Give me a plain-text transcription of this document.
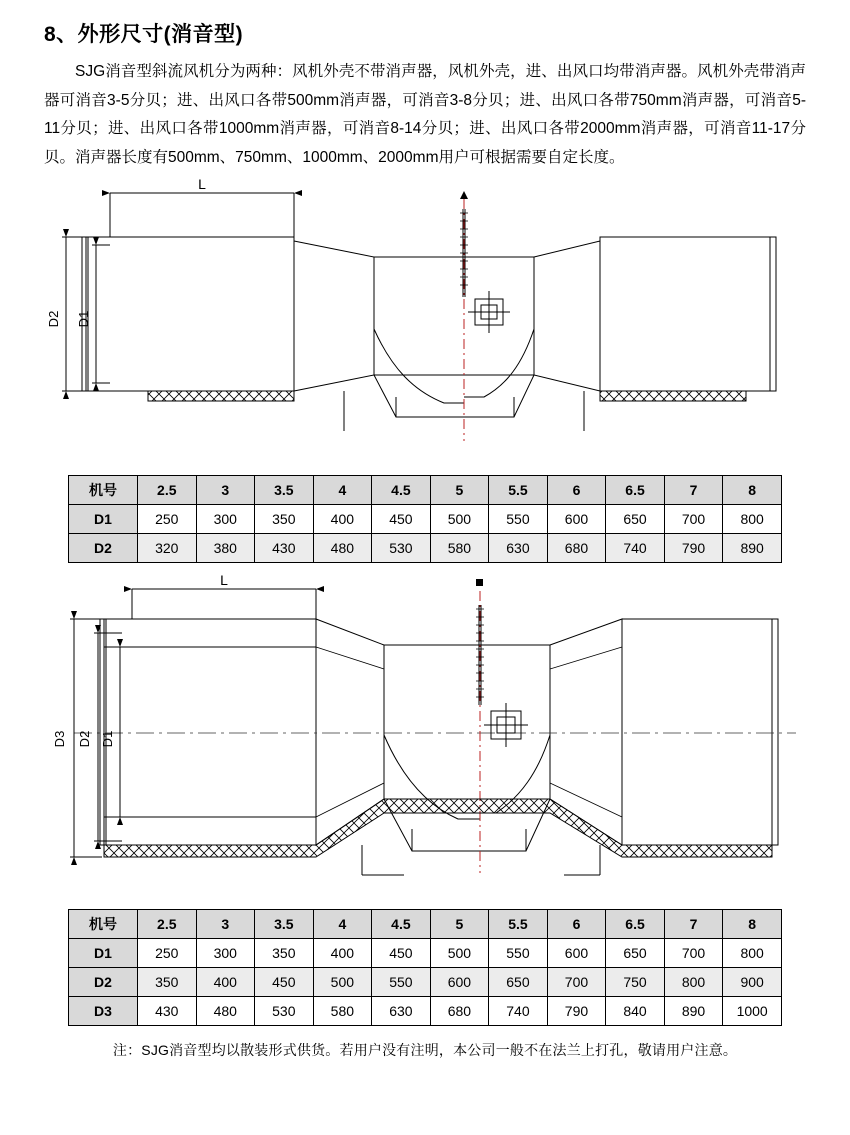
8、外形尺寸(消音型)

SJG消音型斜流风机分为两种：风机外壳不带消声器，风机外壳，进、出风口均带消声器。风机外壳带消声器可消音3-5分贝；进、出风口各带500mm消声器，可消音3-8分贝；进、出风口各带750mm消声器，可消音5-11分贝；进、出风口各带1000mm消声器，可消音8-14分贝；进、出风口各带2000mm消声器，可消音11-17分贝。消声器长度有500mm、750mm、1000mm、2000mm用户可根据需要自定长度。

D2 D1
L
机号	2.5	3	3.5	4	4.5	5	5.5	6	6.5	7	8
D1	250	300	350	400	450	500	550	600	650	700	800
D2	320	380	430	480	530	580	630	680	740	790	890
D3 D2 D1
L
机号	2.5	3	3.5	4	4.5	5	5.5	6	6.5	7	8
D1	250	300	350	400	450	500	550	600	650	700	800
D2	350	400	450	500	550	600	650	700	750	800	900
D3	430	480	530	580	630	680	740	790	840	890	1000

注：SJG消音型均以散装形式供货。若用户没有注明，本公司一般不在法兰上打孔，敬请用户注意。
